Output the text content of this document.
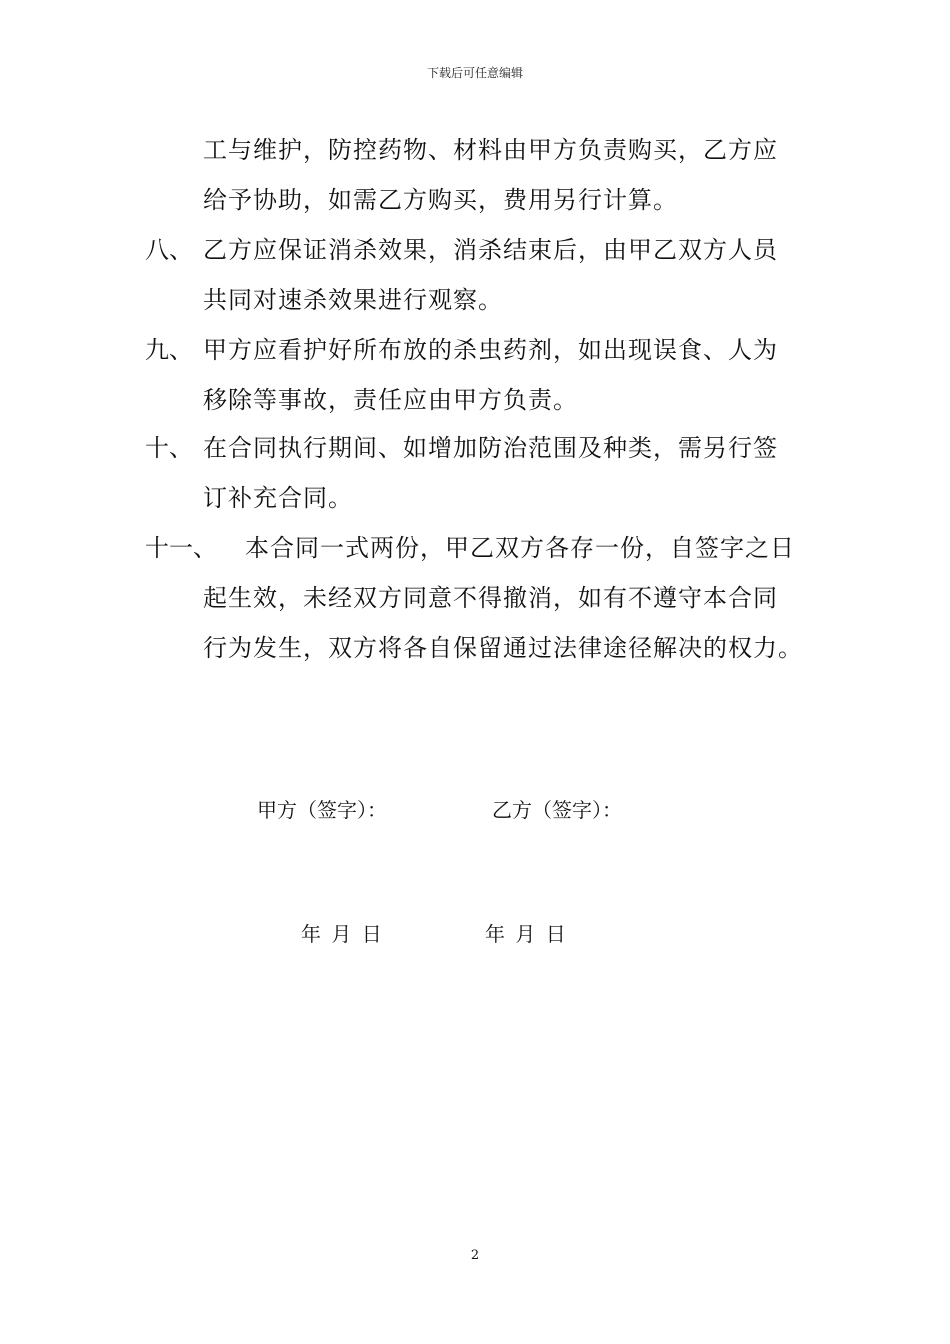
下载后可任意编辑
工与维护，防控药物、材料由甲方负责购买，乙方应
给予协助，如需乙方购买，费用另行计算。
八、 乙方应保证消杀效果，消杀结束后，由甲乙双方人员
共同对速杀效果进行观察。
九、 甲方应看护好所布放的杀虫药剂，如出现误食、人为
移除等事故，责任应由甲方负责。
十、 在合同执行期间、如增加防治范围及种类，需另行签
订补充合同。
十一、 本合同一式两份，甲乙双方各存一份，自签字之日
起生效，未经双方同意不得撤消，如有不遵守本合同
行为发生，双方将各自保留通过法律途径解决的权力。
甲方（签字）：	乙方（签字）：
年 月 日	年 月 日
2
